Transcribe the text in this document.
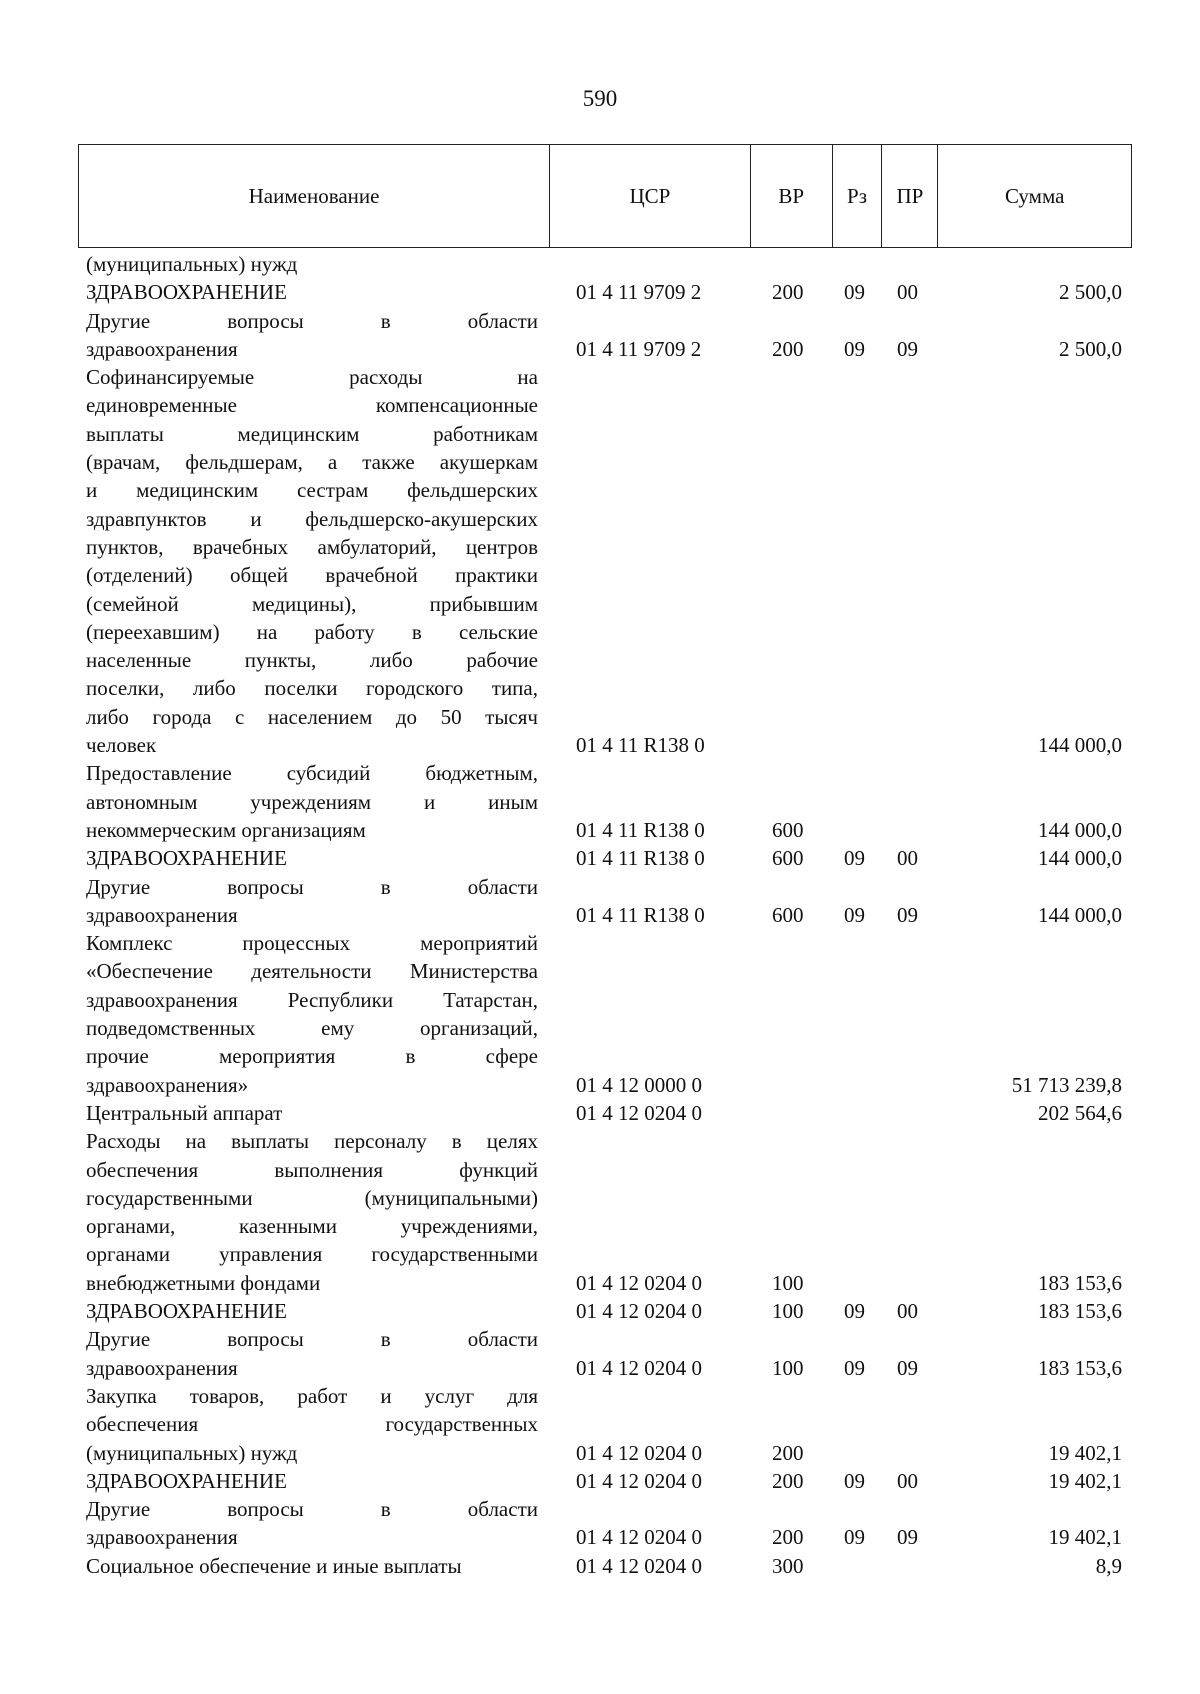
590
Наименование	ЦСР	ВР	Рз	ПР	Сумма
(муниципальных) нужд
ЗДРАВООХРАНЕНИЕ	01 4 11 9709 2	200 09 00	2 500,0
Другие вопросы в области
здравоохранения	01 4 11 9709 2	200 09 09	2 500,0
Софинансируемые расходы на
единовременные компенсационные
выплаты медицинским работникам
(врачам, фельдшерам, а также акушеркам
и медицинским сестрам фельдшерских
здравпунктов и фельдшерско-акушерских
пунктов, врачебных амбулаторий, центров
(отделений) общей врачебной практики
(семейной медицины), прибывшим
(переехавшим) на работу в сельские
населенные пункты, либо рабочие
поселки, либо поселки городского типа,
либо города с населением до 50 тысяч
человек	01 4 11 R138 0	144 000,0
Предоставление субсидий бюджетным,
автономным учреждениям и иным
некоммерческим организациям	01 4 11 R138 0	600	144 000,0
ЗДРАВООХРАНЕНИЕ	01 4 11 R138 0	600 09 00	144 000,0
Другие вопросы в области
здравоохранения	01 4 11 R138 0	600 09 09	144 000,0
Комплекс процессных мероприятий
«Обеспечение деятельности Министерства
здравоохранения Республики Татарстан,
подведомственных ему организаций,
прочие мероприятия в сфере
здравоохранения»	01 4 12 0000 0	51 713 239,8
Центральный аппарат	01 4 12 0204 0	202 564,6
Расходы на выплаты персоналу в целях
обеспечения выполнения функций
государственными (муниципальными)
органами, казенными учреждениями,
органами управления государственными
внебюджетными фондами	01 4 12 0204 0	100	183 153,6
ЗДРАВООХРАНЕНИЕ	01 4 12 0204 0	100 09 00	183 153,6
Другие вопросы в области
здравоохранения	01 4 12 0204 0	100 09 09	183 153,6
Закупка товаров, работ и услуг для
обеспечения государственных
(муниципальных) нужд	01 4 12 0204 0	200	19 402,1
ЗДРАВООХРАНЕНИЕ	01 4 12 0204 0	200 09 00	19 402,1
Другие вопросы в области
здравоохранения	01 4 12 0204 0	200 09 09	19 402,1
Социальное обеспечение и иные выплаты	01 4 12 0204 0	300	8,9
